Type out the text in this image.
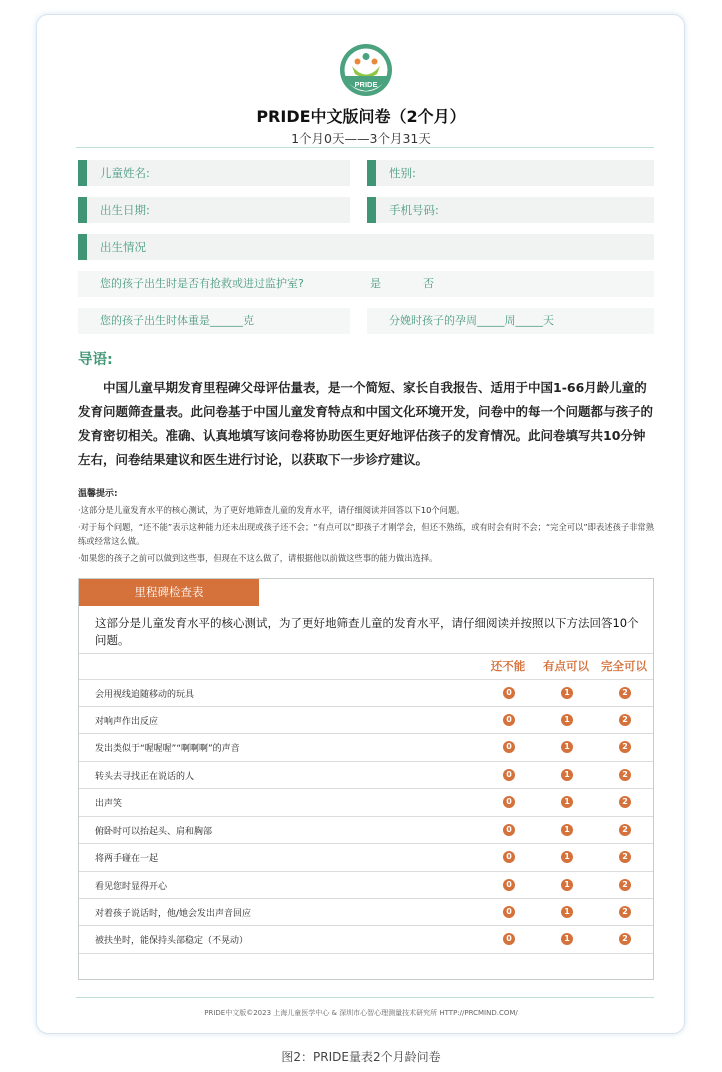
PRIDE
PRIDE中文版问卷（2个月）
1个月0天——3个月31天
儿童姓名:	性别:
出生日期:	手机号码:
出生情况
您的孩子出生时是否有抢救或进过监护室?	是	否
您的孩子出生时体重是______克	分娩时孩子的孕周_____周_____天
导语:

中国儿童早期发育里程碑父母评估量表，是一个简短、家长自我报告、适用于中国1-66月龄儿童的发育问题筛查量表。此问卷基于中国儿童发育特点和中国文化环境开发，问卷中的每一个问题都与孩子的发育密切相关。准确、认真地填写该问卷将协助医生更好地评估孩子的发育情况。此问卷填写共10分钟左右，问卷结果建议和医生进行讨论，以获取下一步诊疗建议。

温馨提示:

·这部分是儿童发育水平的核心测试，为了更好地筛查儿童的发育水平，请仔细阅读并回答以下10个问题。

·对于每个问题，“还不能”表示这种能力还未出现或孩子还不会；“有点可以”即孩子才刚学会，但还不熟练，或有时会有时不会；“完全可以”即表述孩子非常熟练或经常这么做。

·如果您的孩子之前可以做到这些事，但现在不这么做了，请根据他以前做这些事的能力做出选择。

里程碑检查表

这部分是儿童发育水平的核心测试，为了更好地筛查儿童的发育水平，请仔细阅读并按照以下方法回答10个问题。

还不能	有点可以	完全可以
会用视线追随移动的玩具	0	1	2
对响声作出反应	0	1	2
发出类似于“喔喔喔”“啊啊啊”的声音	0	1	2
转头去寻找正在说话的人	0	1	2
出声笑	0	1	2
俯卧时可以抬起头、肩和胸部	0	1	2
将两手碰在一起	0	1	2
看见您时显得开心	0	1	2
对着孩子说话时，他/她会发出声音回应	0	1	2
被扶坐时，能保持头部稳定（不晃动）	0	1	2
PRIDE中文版©2023 上海儿童医学中心 & 深圳市心智心理测量技术研究所 HTTP://PRCMIND.COM/
图2：PRIDE量表2个月龄问卷
